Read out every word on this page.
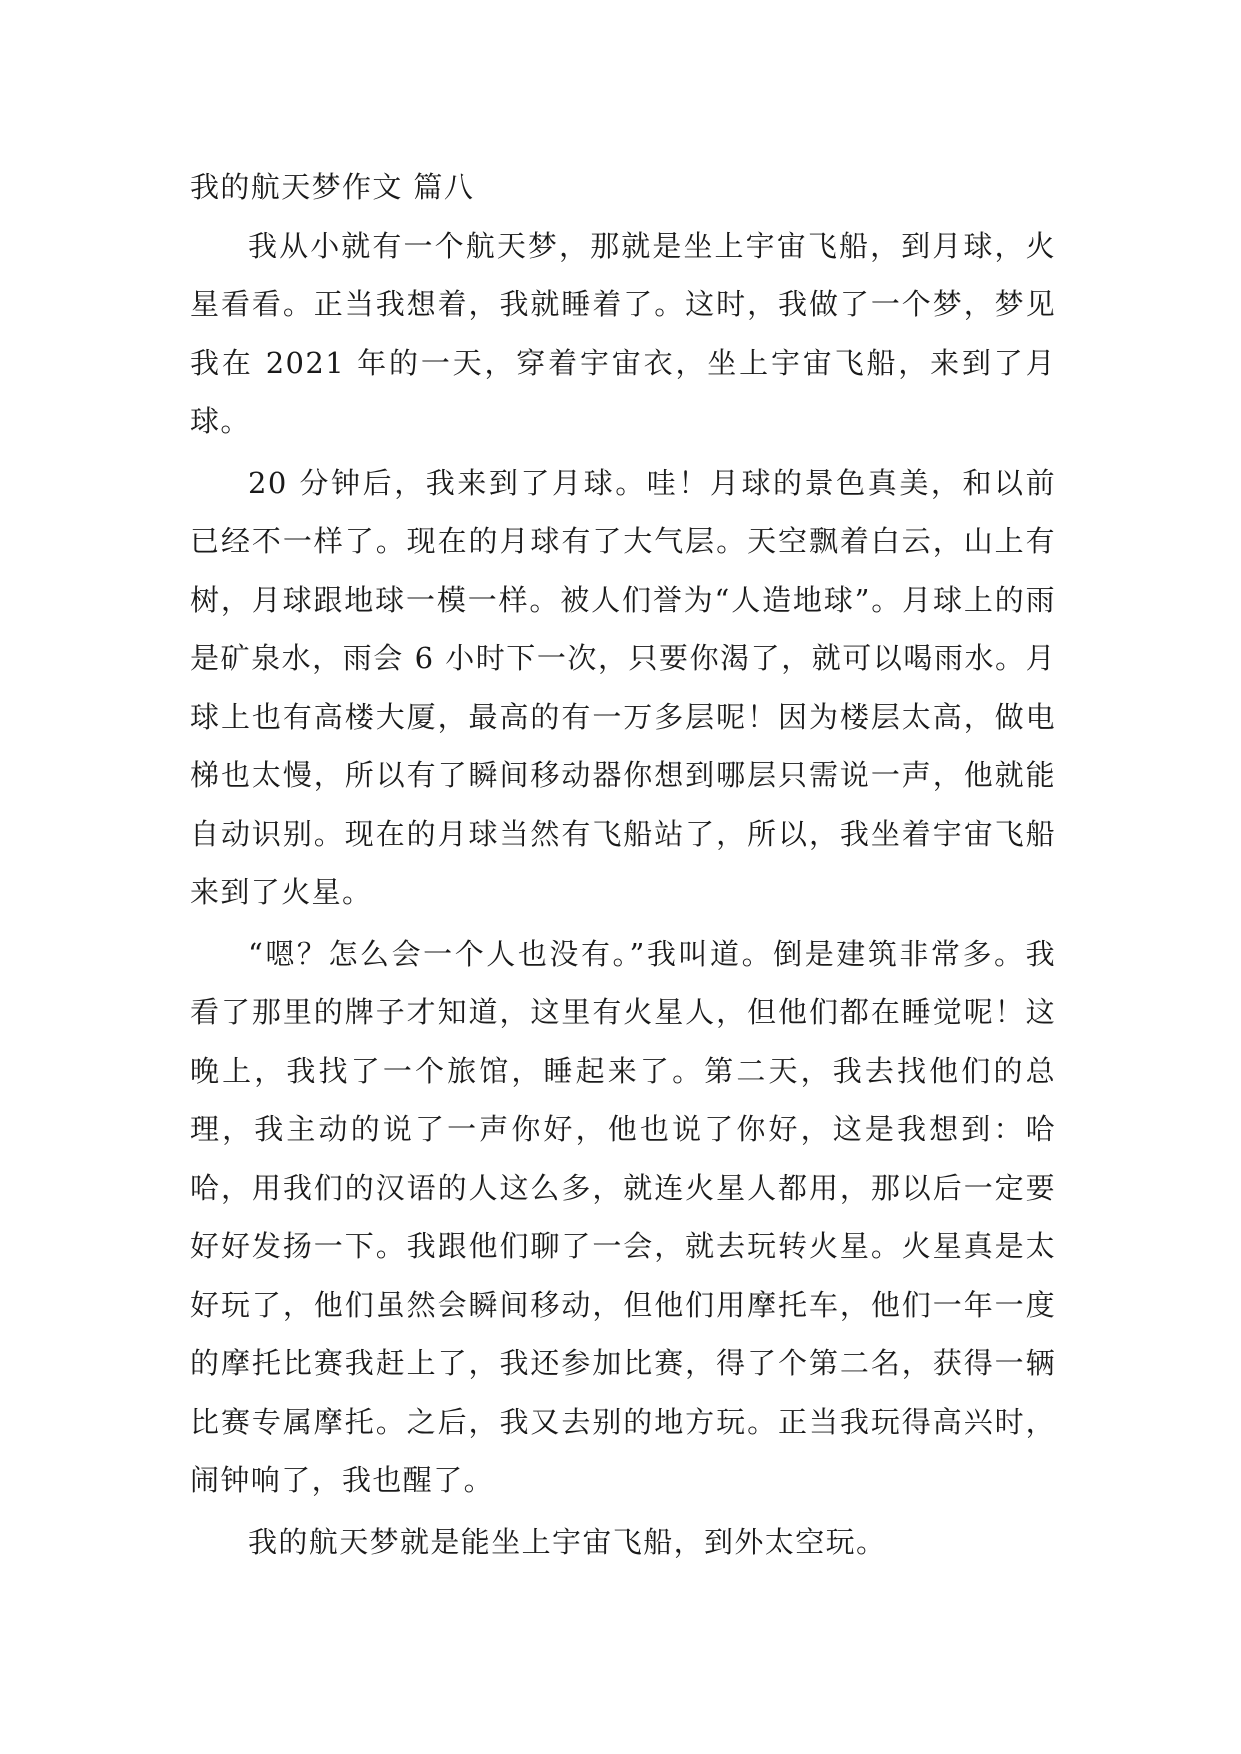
我的航天梦作文 篇八

我从小就有一个航天梦，那就是坐上宇宙飞船，到月球，火星看看。正当我想着，我就睡着了。这时，我做了一个梦，梦见我在 2021 年的一天，穿着宇宙衣，坐上宇宙飞船，来到了月球。

20 分钟后，我来到了月球。哇！月球的景色真美，和以前已经不一样了。现在的月球有了大气层。天空飘着白云，山上有树，月球跟地球一模一样。被人们誉为“人造地球”。月球上的雨是矿泉水，雨会 6 小时下一次，只要你渴了，就可以喝雨水。月球上也有高楼大厦，最高的有一万多层呢！因为楼层太高，做电梯也太慢，所以有了瞬间移动器你想到哪层只需说一声，他就能自动识别。现在的月球当然有飞船站了，所以，我坐着宇宙飞船来到了火星。

“嗯？怎么会一个人也没有。”我叫道。倒是建筑非常多。我看了那里的牌子才知道，这里有火星人，但他们都在睡觉呢！这晚上，我找了一个旅馆，睡起来了。第二天，我去找他们的总理，我主动的说了一声你好，他也说了你好，这是我想到：哈哈，用我们的汉语的人这么多，就连火星人都用，那以后一定要好好发扬一下。我跟他们聊了一会，就去玩转火星。火星真是太好玩了，他们虽然会瞬间移动，但他们用摩托车，他们一年一度的摩托比赛我赶上了，我还参加比赛，得了个第二名，获得一辆比赛专属摩托。之后，我又去别的地方玩。正当我玩得高兴时，闹钟响了，我也醒了。

我的航天梦就是能坐上宇宙飞船，到外太空玩。
